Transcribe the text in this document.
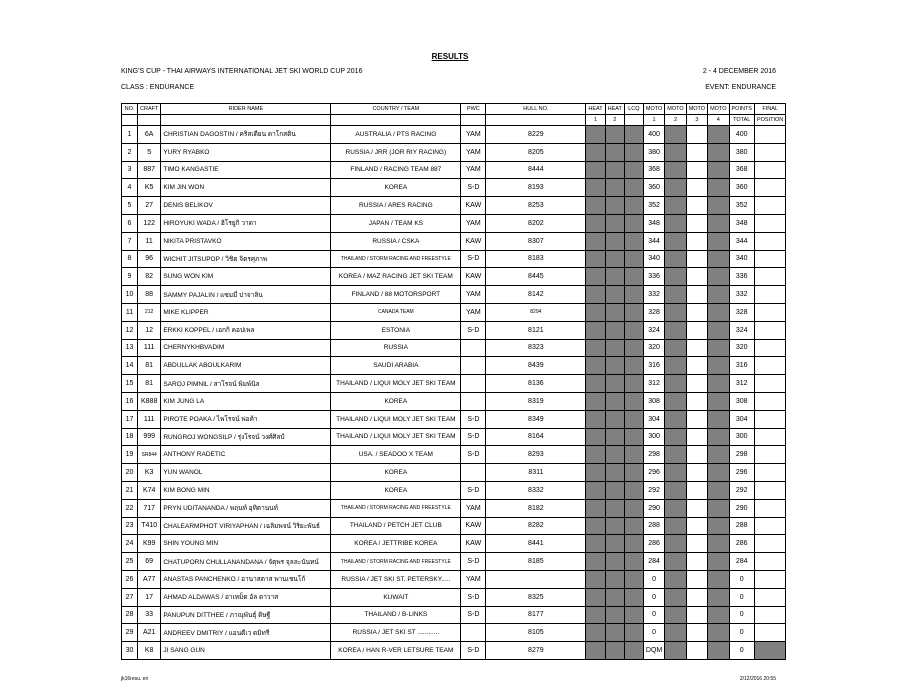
RESULTS
KING'S CUP - THAI AIRWAYS INTERNATIONAL JET SKI WORLD CUP 2016	2 - 4 DECEMBER 2016
CLASS : ENDURANCE	EVENT: ENDURANCE
NO.	CRAFT	RIDER NAME	COUNTRY / TEAM	PWC	HULL NO.	HEAT	HEAT	LCQ	MOTO	MOTO	MOTO	MOTO	POINTS	FINAL
						1	2		1	2	3	4	TOTAL	POSITION
1	6A	CHRISTIAN DAGOSTIN / คริสเตียน ดาโกสติน	AUSTRALIA / PTS RACING	YAM	8229				400				400	
2	5	YURY RYABKO	RUSSIA / JRR (JOR RIY RACING)	YAM	8205				380				380	
3	887	TIMO KANGASTIE	FINLAND / RACING TEAM 887	YAM	8444				368				368	
4	K5	KIM JIN WON	KOREA	S-D	8193				360				360	
5	27	DENIS BELIKOV	RUSSIA / ARES RACING	KAW	8253				352				352	
6	122	HIROYUKI WADA / ฮิโรยูกิ วาดา	JAPAN / TEAM KS	YAM	8202				348				348	
7	11	NIKITA PRISTAVKO	RUSSIA / CSKA	KAW	8307				344				344	
8	96	WICHIT JITSUPOP / วิชิต จิตรศุภาพ	THAILAND / STORM RACING AND FREESTYLE	S-D	8183				340				340	
9	82	SUNG WON KIM	KOREA / MAZ RACING JET SKI TEAM	KAW	8445				336				336	
10	88	SAMMY PAJALIN / แซมมี่ ปาจาลิน	FINLAND / 88 MOTORSPORT	YAM	8142				332				332	
11	212	MIKE KLIPPER	CANADA TEAM	YAM	8294				328				328	
12	12	ERKKI KOPPEL / เอกกิ คอปเพล	ESTONIA	S-D	8121				324				324	
13	111	CHERNYKHBVADIM	RUSSIA		8323				320				320	
14	81	ABDULLAK ABOULKARIM	SAUDI ARABIA		8439				316				316	
15	81	SAROJ PIMNIL / สาโรจน์ พิมพ์นิล	THAILAND / LIQUI MOLY JET SKI TEAM		8136				312				312	
16	K888	KIM JUNG LA	KOREA		8319				308				308	
17	111	PIROTE POAKA / ไพโรจน์ พ่อค้า	THAILAND / LIQUI MOLY JET SKI TEAM	S-D	8349				304				304	
18	999	RUNGROJ WONGSILP / รุ่งโรจน์ วงศ์ศิลป์	THAILAND / LIQUI MOLY JET SKI TEAM	S-D	8164				300				300	
19	SR844	ANTHONY RADETIC	USA. / SEADOO X TEAM	S-D	8293				298				298	
20	K3	YUN WANOL	KOREA		8311				296				296	
21	K74	KIM BONG MIN	KOREA	S-D	8332				292				292	
22	717	PRYN UDITANANDA / พฤนท์ อุทิตานนท์	THAILAND / STORM RACING AND FREESTYLE	YAM	8182				290				290	
23	T410	CHALEARMPHOT VIRIYAPHAN / เฉลิมพจน์ วิริยะพันธ์	THAILAND / PETCH JET CLUB	KAW	8282				288				288	
24	K99	SHIN YOUNG MIN	KOREA / JETTRIBE KOREA	KAW	8441				286				286	
25	69	CHATUPORN CHULLANANDANA / จัตุพร จุลละนันทน์	THAILAND / STORM RACING AND FREESTYLE	S-D	8185				284				284	
26	A77	ANASTAS PANCHENKO / อานาสตาส พานเชนโก้	RUSSIA / JET SKI ST. PETERSKY.....	YAM					0				0	
27	17	AHMAD ALDAWAS / อาเหม็ด อัล ดาวาส	KUWAIT	S-D	8325				0				0	
28	33	PANUPUN DITTHEE / ภาณุพันธุ์ ดิษฐี	THAILAND / B-LINKS	S-D	8177				0				0	
29	A21	ANDREEV DMITRIY / แอนดีเว ดมิทรี	RUSSIA / JET SKI ST ............		8105				0				0	
30	K8	JI SANG GUN	KOREA / HAN R-VER LETSURE TEAM	S-D	8279				DQM				0	
jk16resu. en	2/12/2016 20:55
